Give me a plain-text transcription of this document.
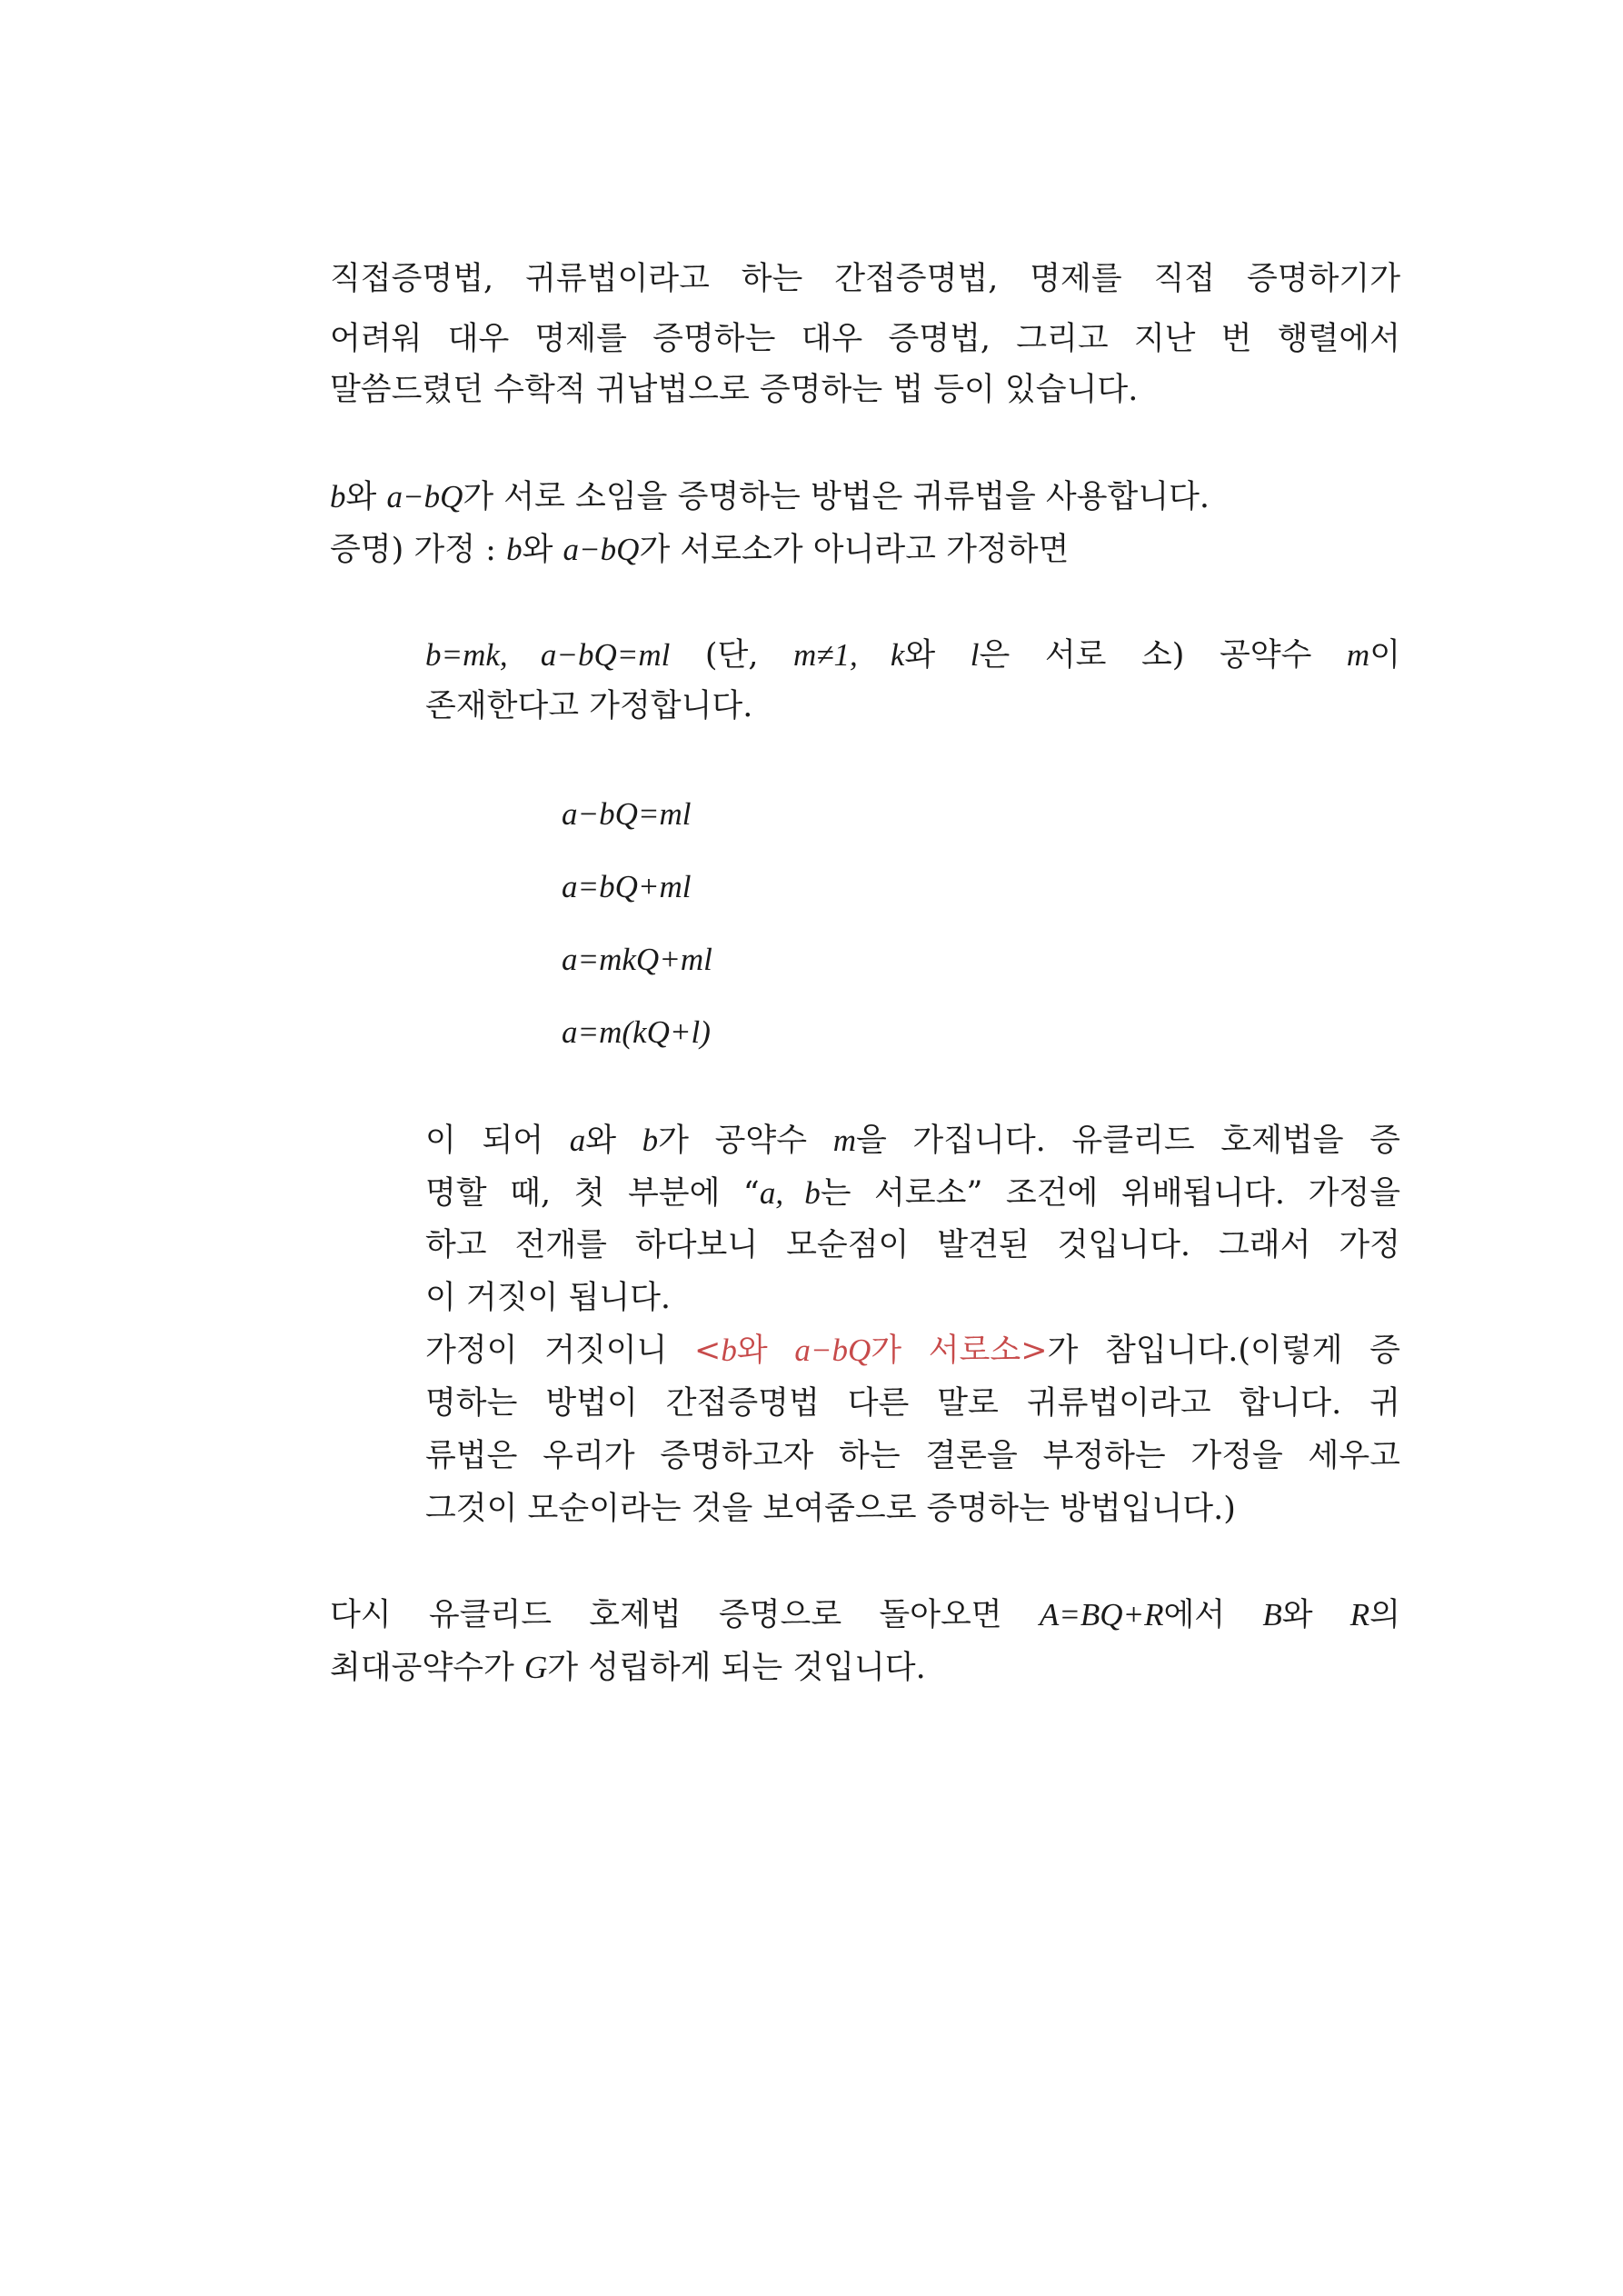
직접증명법, 귀류법이라고 하는 간접증명법, 명제를 직접 증명하기가
어려워 대우 명제를 증명하는 대우 증명법, 그리고 지난 번 행렬에서
말씀드렸던 수학적 귀납법으로 증명하는 법 등이 있습니다.
b와 a−bQ가 서로 소임을 증명하는 방법은 귀류법을 사용합니다.
증명) 가정 : b와 a−bQ가 서로소가 아니라고 가정하면
b=mk, a−bQ=ml (단, m≠1, k와 l은 서로 소) 공약수 m이
존재한다고 가정합니다.
a−bQ=ml
a=bQ+ml
a=mkQ+ml
a=m(kQ+l)
이 되어 a와 b가 공약수 m을 가집니다. 유클리드 호제법을 증
명할 때, 첫 부분에 “a, b는 서로소” 조건에 위배됩니다. 가정을
하고 전개를 하다보니 모순점이 발견된 것입니다. 그래서 가정
이 거짓이 됩니다.
가정이 거짓이니 <b와 a−bQ가 서로소>가 참입니다.(이렇게 증
명하는 방법이 간접증명법 다른 말로 귀류법이라고 합니다. 귀
류법은 우리가 증명하고자 하는 결론을 부정하는 가정을 세우고
그것이 모순이라는 것을 보여줌으로 증명하는 방법입니다.)
다시 유클리드 호제법 증명으로 돌아오면 A=BQ+R에서 B와 R의
최대공약수가 G가 성립하게 되는 것입니다.
